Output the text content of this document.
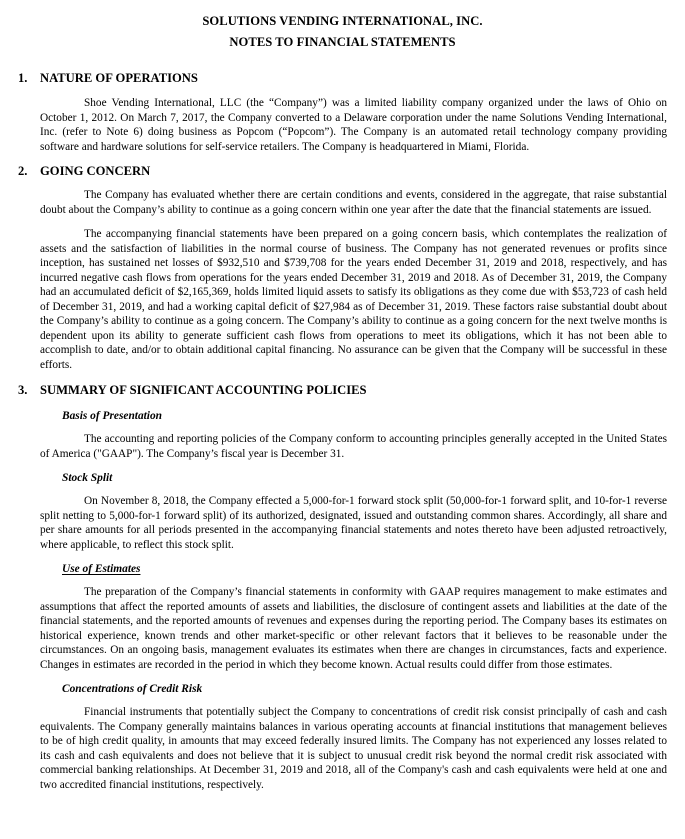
SOLUTIONS VENDING INTERNATIONAL, INC.
NOTES TO FINANCIAL STATEMENTS
1. NATURE OF OPERATIONS

Shoe Vending International, LLC (the “Company”) was a limited liability company organized under the laws of Ohio on October 1, 2012. On March 7, 2017, the Company converted to a Delaware corporation under the name Solutions Vending International, Inc. (refer to Note 6) doing business as Popcom (“Popcom”). The Company is an automated retail technology company providing software and hardware solutions for self-service retailers. The Company is headquartered in Miami, Florida.

2. GOING CONCERN

The Company has evaluated whether there are certain conditions and events, considered in the aggregate, that raise substantial doubt about the Company’s ability to continue as a going concern within one year after the date that the financial statements are issued.

The accompanying financial statements have been prepared on a going concern basis, which contemplates the realization of assets and the satisfaction of liabilities in the normal course of business. The Company has not generated revenues or profits since inception, has sustained net losses of $932,510 and $739,708 for the years ended December 31, 2019 and 2018, respectively, and has incurred negative cash flows from operations for the years ended December 31, 2019 and 2018. As of December 31, 2019, the Company had an accumulated deficit of $2,165,369, holds limited liquid assets to satisfy its obligations as they come due with $53,723 of cash held of December 31, 2019, and had a working capital deficit of $27,984 as of December 31, 2019. These factors raise substantial doubt about the Company’s ability to continue as a going concern. The Company’s ability to continue as a going concern for the next twelve months is dependent upon its ability to generate sufficient cash flows from operations to meet its obligations, which it has not been able to accomplish to date, and/or to obtain additional capital financing. No assurance can be given that the Company will be successful in these efforts.

3. SUMMARY OF SIGNIFICANT ACCOUNTING POLICIES
Basis of Presentation

The accounting and reporting policies of the Company conform to accounting principles generally accepted in the United States of America ("GAAP"). The Company’s fiscal year is December 31.

Stock Split

On November 8, 2018, the Company effected a 5,000-for-1 forward stock split (50,000-for-1 forward split, and 10-for-1 reverse split netting to 5,000-for-1 forward split) of its authorized, designated, issued and outstanding common shares. Accordingly, all share and per share amounts for all periods presented in the accompanying financial statements and notes thereto have been adjusted retroactively, where applicable, to reflect this stock split.

Use of Estimates

The preparation of the Company’s financial statements in conformity with GAAP requires management to make estimates and assumptions that affect the reported amounts of assets and liabilities, the disclosure of contingent assets and liabilities at the date of the financial statements, and the reported amounts of revenues and expenses during the reporting period. The Company bases its estimates on historical experience, known trends and other market-specific or other relevant factors that it believes to be reasonable under the circumstances. On an ongoing basis, management evaluates its estimates when there are changes in circumstances, facts and experience. Changes in estimates are recorded in the period in which they become known. Actual results could differ from those estimates.

Concentrations of Credit Risk

Financial instruments that potentially subject the Company to concentrations of credit risk consist principally of cash and cash equivalents. The Company generally maintains balances in various operating accounts at financial institutions that management believes to be of high credit quality, in amounts that may exceed federally insured limits. The Company has not experienced any losses related to its cash and cash equivalents and does not believe that it is subject to unusual credit risk beyond the normal credit risk associated with commercial banking relationships. At December 31, 2019 and 2018, all of the Company's cash and cash equivalents were held at one and two accredited financial institutions, respectively.
